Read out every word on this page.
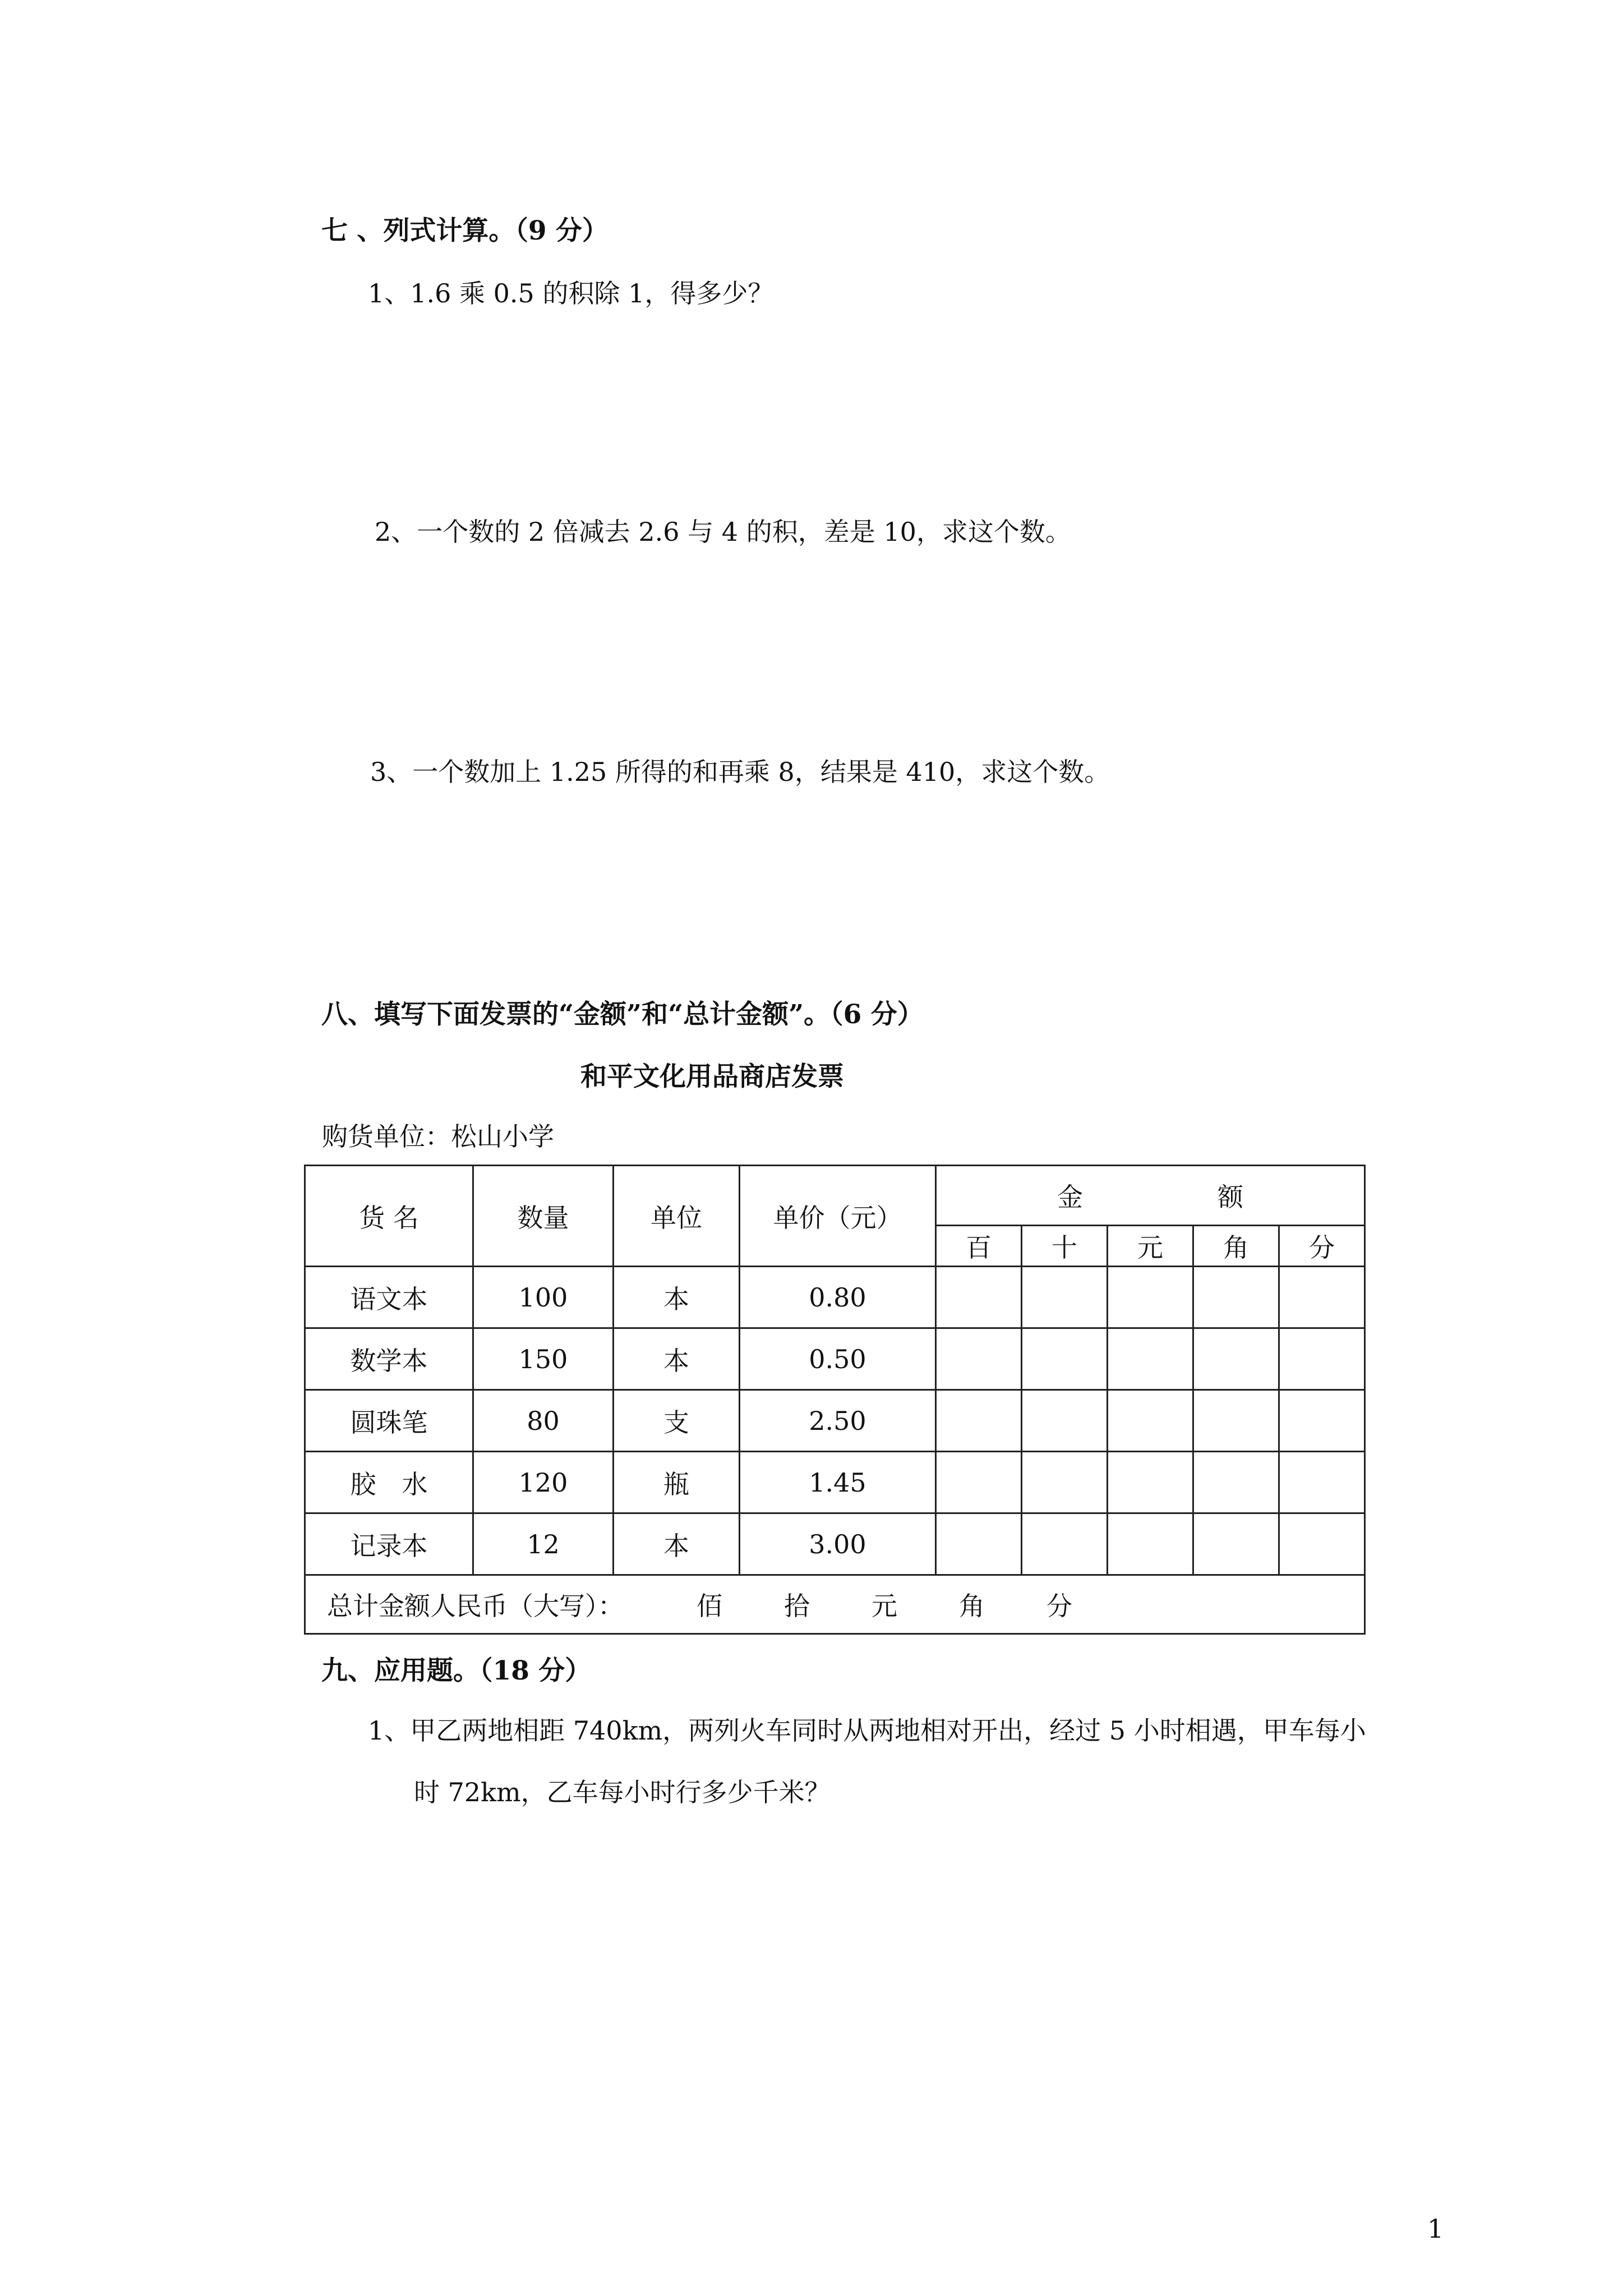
七 、列式计算。（9 分）
1、1.6 乘 0.5 的积除 1，得多少？
2、一个数的 2 倍减去 2.6 与 4 的积，差是 10，求这个数。
3、一个数加上 1.25 所得的和再乘 8，结果是 410，求这个数。
八、填写下面发票的“金额”和“总计金额”。（6 分）
和平文化用品商店发票
购货单位：松山小学
货 名	数量	单位	单价（元）	金 额				

				百	十	元	角	分
语文本	100	本	0.80					
数学本	150	本	0.50					
圆珠笔	80	支	2.50					
胶　水	120	瓶	1.45					
记录本	12	本	3.00					
总计金额人民币（大写）： 佰 拾 元 角 分								
九、应用题。（18 分）
1、甲乙两地相距 740km，两列火车同时从两地相对开出，经过 5 小时相遇，甲车每小
时 72km，乙车每小时行多少千米？
1
